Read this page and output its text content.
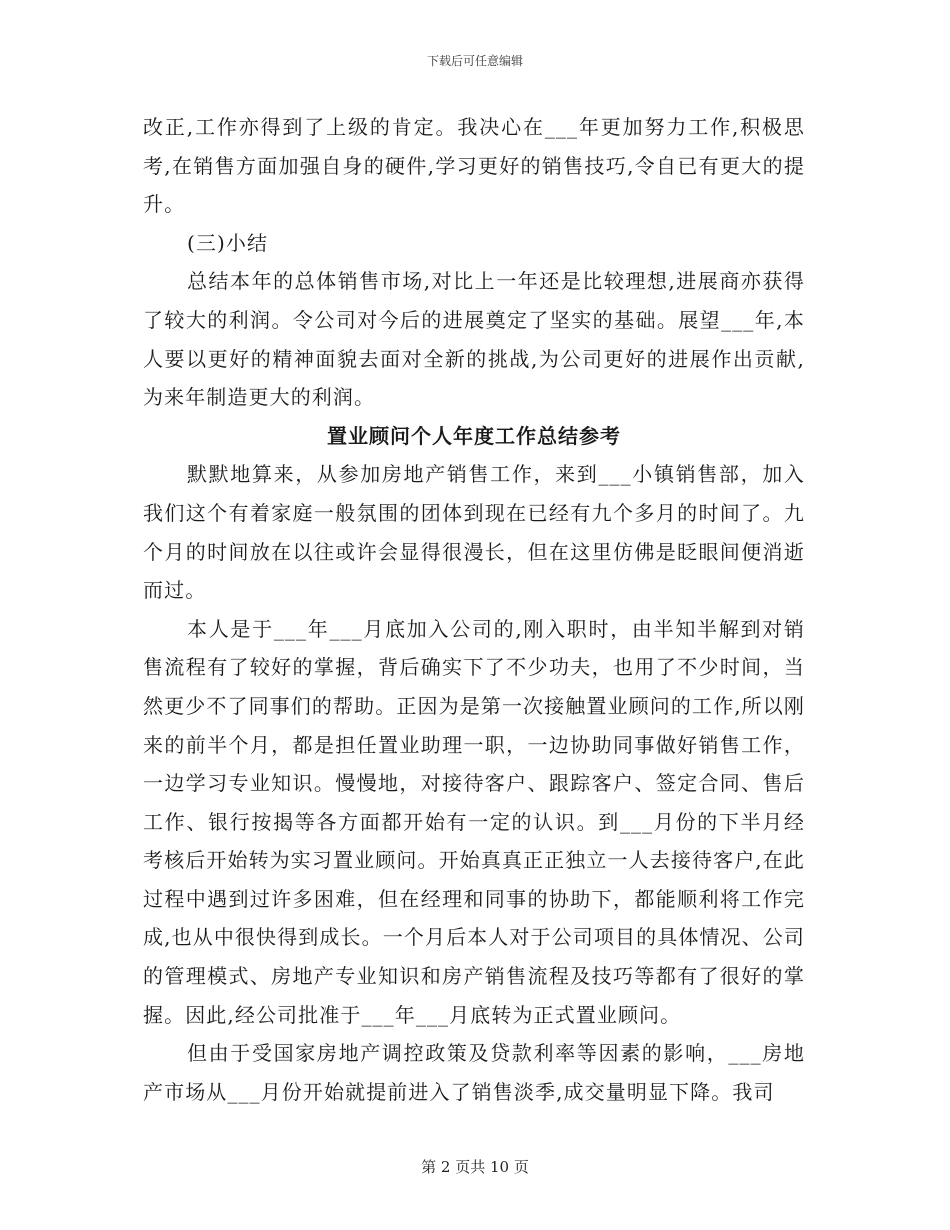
下载后可任意编辑

改正,工作亦得到了上级的肯定。我决心在___年更加努力工作,积极思考,在销售方面加强自身的硬件,学习更好的销售技巧,令自已有更大的提升。

(三)小结

总结本年的总体销售市场,对比上一年还是比较理想,进展商亦获得了较大的利润。令公司对今后的进展奠定了坚实的基础。展望___年,本人要以更好的精神面貌去面对全新的挑战,为公司更好的进展作出贡献,为来年制造更大的利润。

置业顾问个人年度工作总结参考

默默地算来，从参加房地产销售工作，来到___小镇销售部，加入我们这个有着家庭一般氛围的团体到现在已经有九个多月的时间了。九个月的时间放在以往或许会显得很漫长，但在这里仿佛是眨眼间便消逝而过。

本人是于___年___月底加入公司的,刚入职时，由半知半解到对销售流程有了较好的掌握，背后确实下了不少功夫，也用了不少时间，当然更少不了同事们的帮助。正因为是第一次接触置业顾问的工作,所以刚来的前半个月，都是担任置业助理一职，一边协助同事做好销售工作，一边学习专业知识。慢慢地，对接待客户、跟踪客户、签定合同、售后工作、银行按揭等各方面都开始有一定的认识。到___月份的下半月经考核后开始转为实习置业顾问。开始真真正正独立一人去接待客户,在此过程中遇到过许多困难，但在经理和同事的协助下，都能顺利将工作完成,也从中很快得到成长。一个月后本人对于公司项目的具体情况、公司的管理模式、房地产专业知识和房产销售流程及技巧等都有了很好的掌握。因此,经公司批准于___年___月底转为正式置业顾问。

但由于受国家房地产调控政策及贷款利率等因素的影响，___房地产市场从___月份开始就提前进入了销售淡季,成交量明显下降。我司

第 2 页共 10 页
